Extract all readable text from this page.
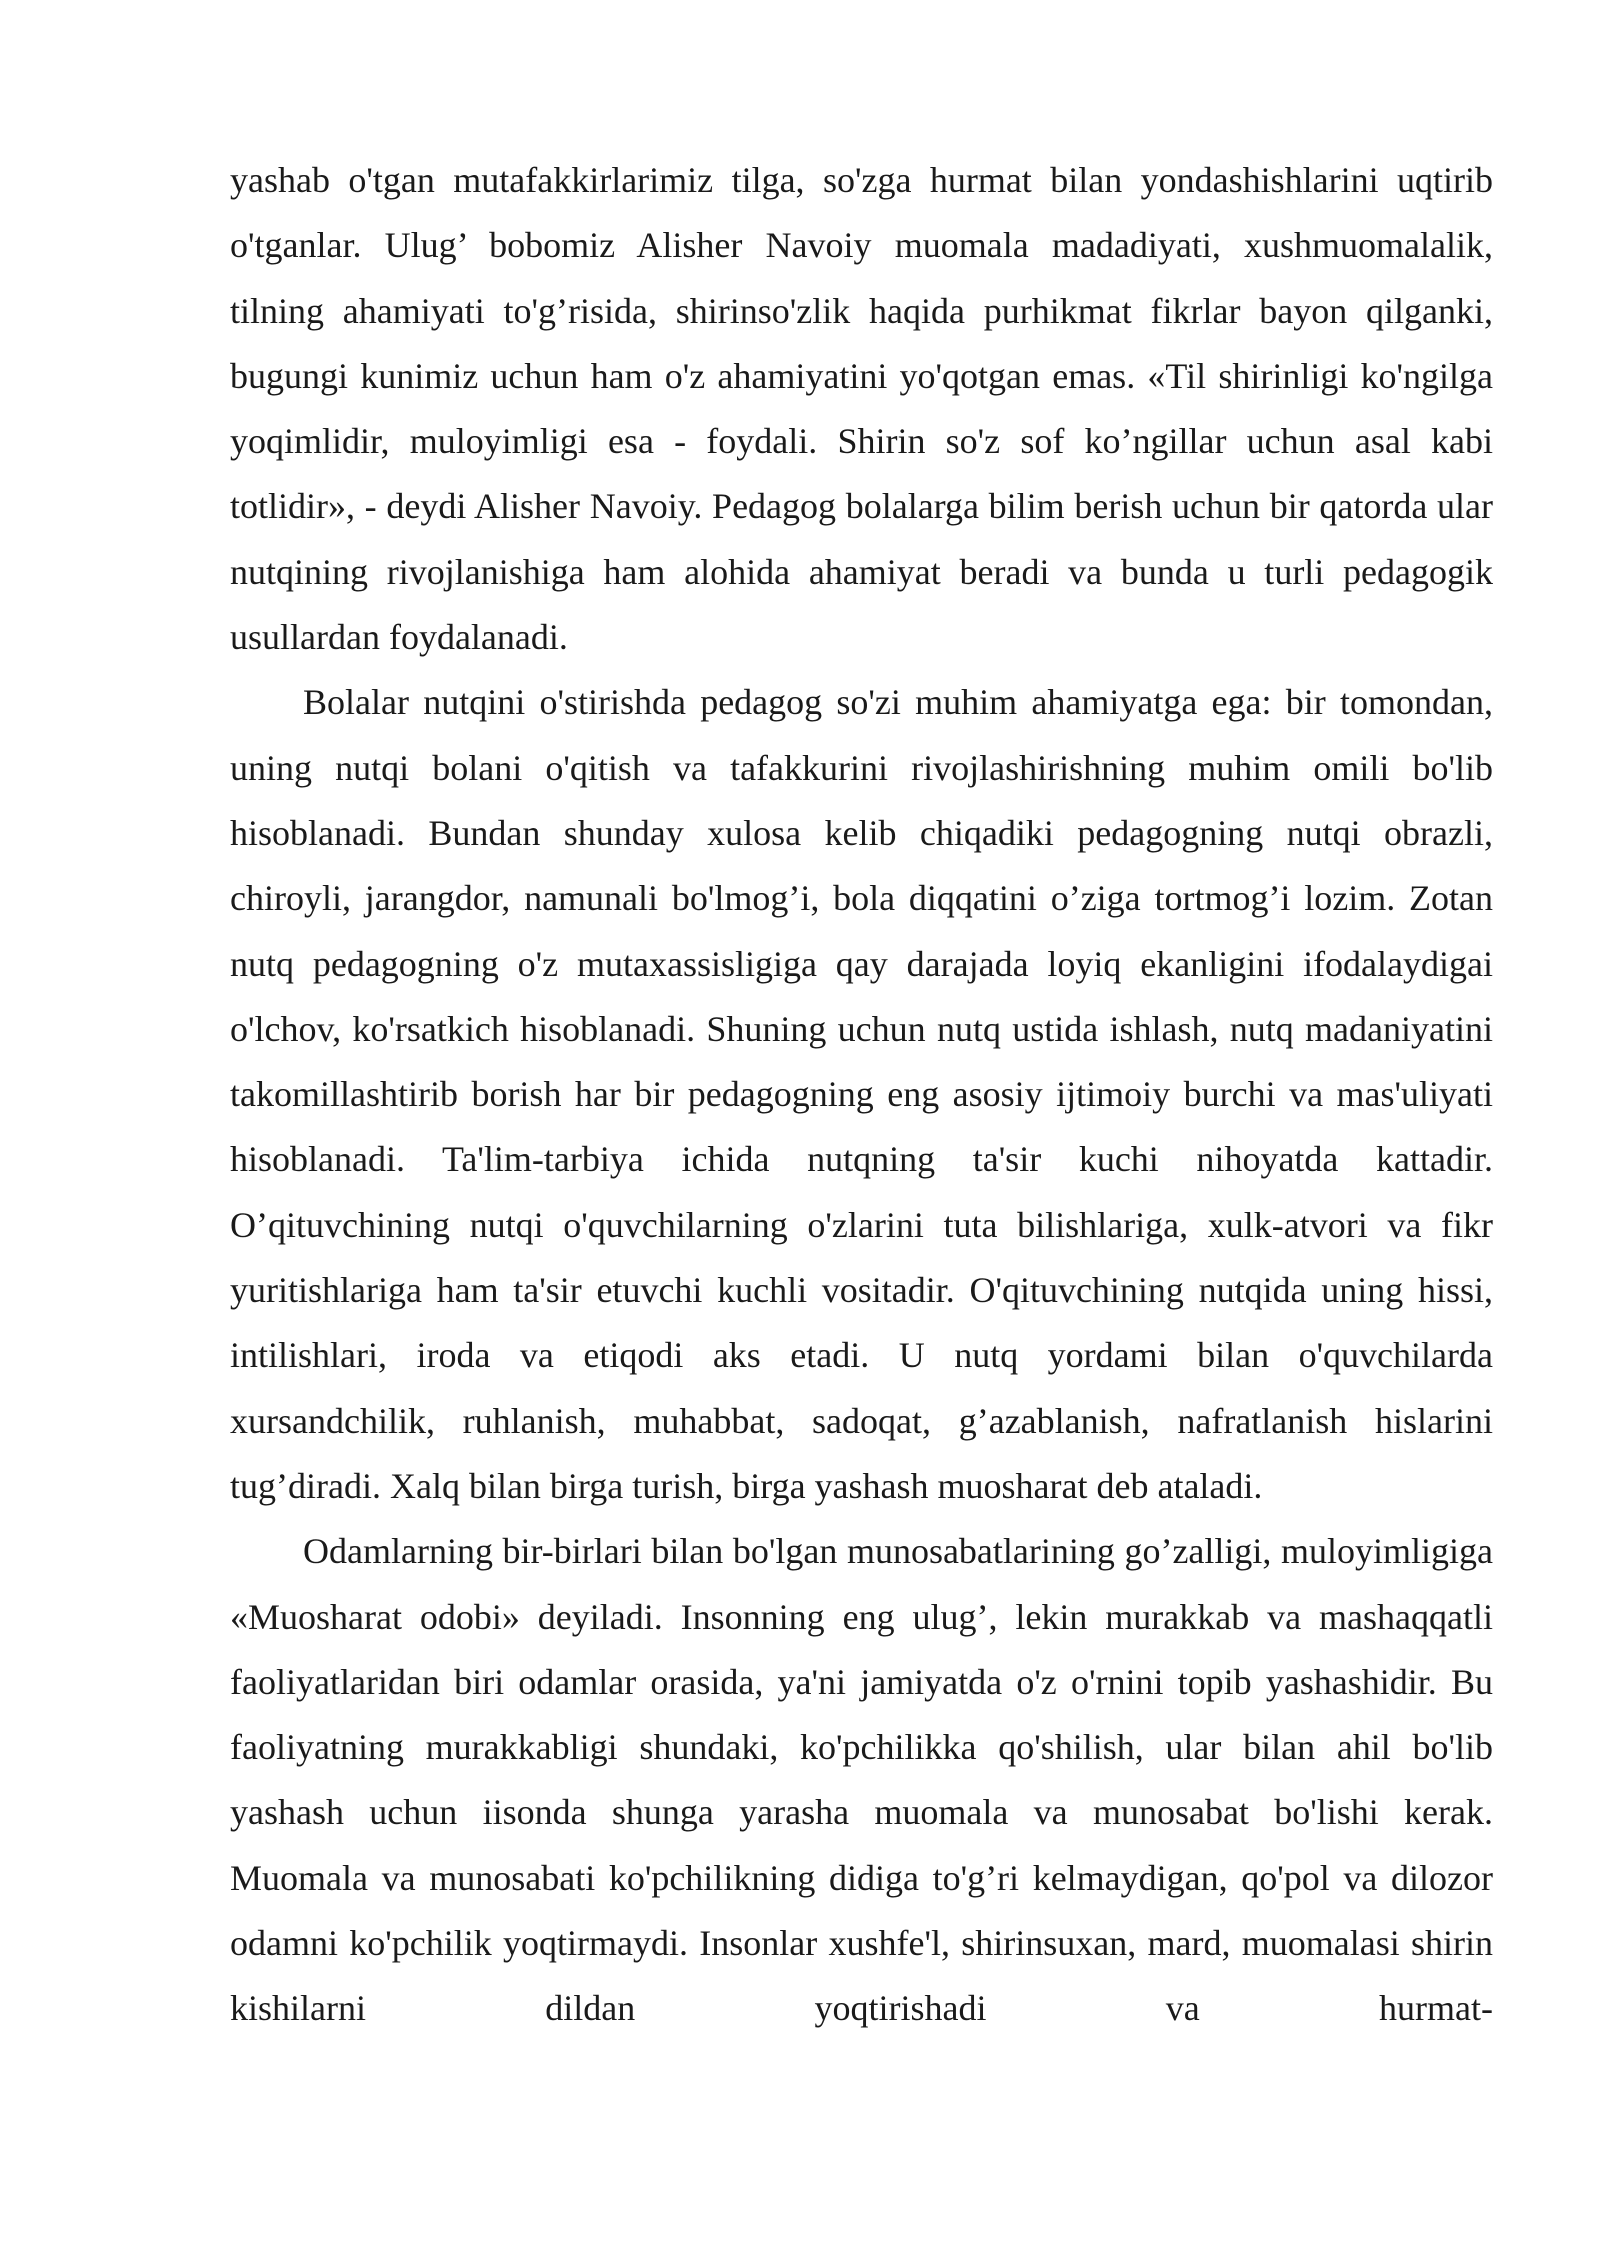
yashab o'tgan mutafakkirlarimiz tilga, so'zga hurmat bilan yondashishlarini uqtirib o'tganlar. Ulug’ bobomiz Alisher Navoiy muomala madadiyati, xushmuomalalik, tilning ahamiyati to'g’risida, shirinso'zlik haqida purhikmat fikrlar bayon qilganki, bugungi kunimiz uchun ham o'z ahamiyatini yo'qotgan emas. «Til shirinligi ko'ngilga yoqimlidir, muloyimligi esa - foydali. Shirin so'z sof ko’ngillar uchun asal kabi totlidir», - deydi Alisher Navoiy. Pedagog bolalarga bilim berish uchun bir qatorda ular nutqining rivojlanishiga ham alohida ahamiyat beradi va bunda u turli pedagogik usullardan foydalanadi.

Bolalar nutqini o'stirishda pedagog so'zi muhim ahamiyatga ega: bir tomondan, uning nutqi bolani o'qitish va tafakkurini rivojlashirishning muhim omili bo'lib hisoblanadi. Bundan shunday xulosa kelib chiqadiki pedagogning nutqi obrazli, chiroyli, jarangdor, namunali bo'lmog’i, bola diqqatini o’ziga tortmog’i lozim. Zotan nutq pedagogning o'z mutaxassisligiga qay darajada loyiq ekanligini ifodalaydigai o'lchov, ko'rsatkich hisoblanadi. Shuning uchun nutq ustida ishlash, nutq madaniyatini takomillashtirib borish har bir pedagogning eng asosiy ijtimoiy burchi va mas'uliyati hisoblanadi. Ta'lim-tarbiya ichida nutqning ta'sir kuchi nihoyatda kattadir. O’qituvchining nutqi o'quvchilarning o'zlarini tuta bilishlariga, xulk-atvori va fikr yuritishlariga ham ta'sir etuvchi kuchli vositadir. O'qituvchining nutqida uning hissi, intilishlari, iroda va etiqodi aks etadi. U nutq yordami bilan o'quvchilarda xursandchilik, ruhlanish, muhabbat, sadoqat, g’azablanish, nafratlanish hislarini tug’diradi. Xalq bilan birga turish, birga yashash muosharat deb ataladi.

Odamlarning bir-birlari bilan bo'lgan munosabatlarining go’zalligi, muloyimligiga «Muosharat odobi» deyiladi. Insonning eng ulug’, lekin murakkab va mashaqqatli faoliyatlaridan biri odamlar orasida, ya'ni jamiyatda o'z o'rnini topib yashashidir. Bu faoliyatning murakkabligi shundaki, ko'pchilikka qo'shilish, ular bilan ahil bo'lib yashash uchun iisonda shunga yarasha muomala va munosabat bo'lishi kerak. Muomala va munosabati ko'pchilikning didiga to'g’ri kelmaydigan, qo'pol va dilozor odamni ko'pchilik yoqtirmaydi. Insonlar xushfe'l, shirinsuxan, mard, muomalasi shirin kishilarni dildan yoqtirishadi va hurmat-
